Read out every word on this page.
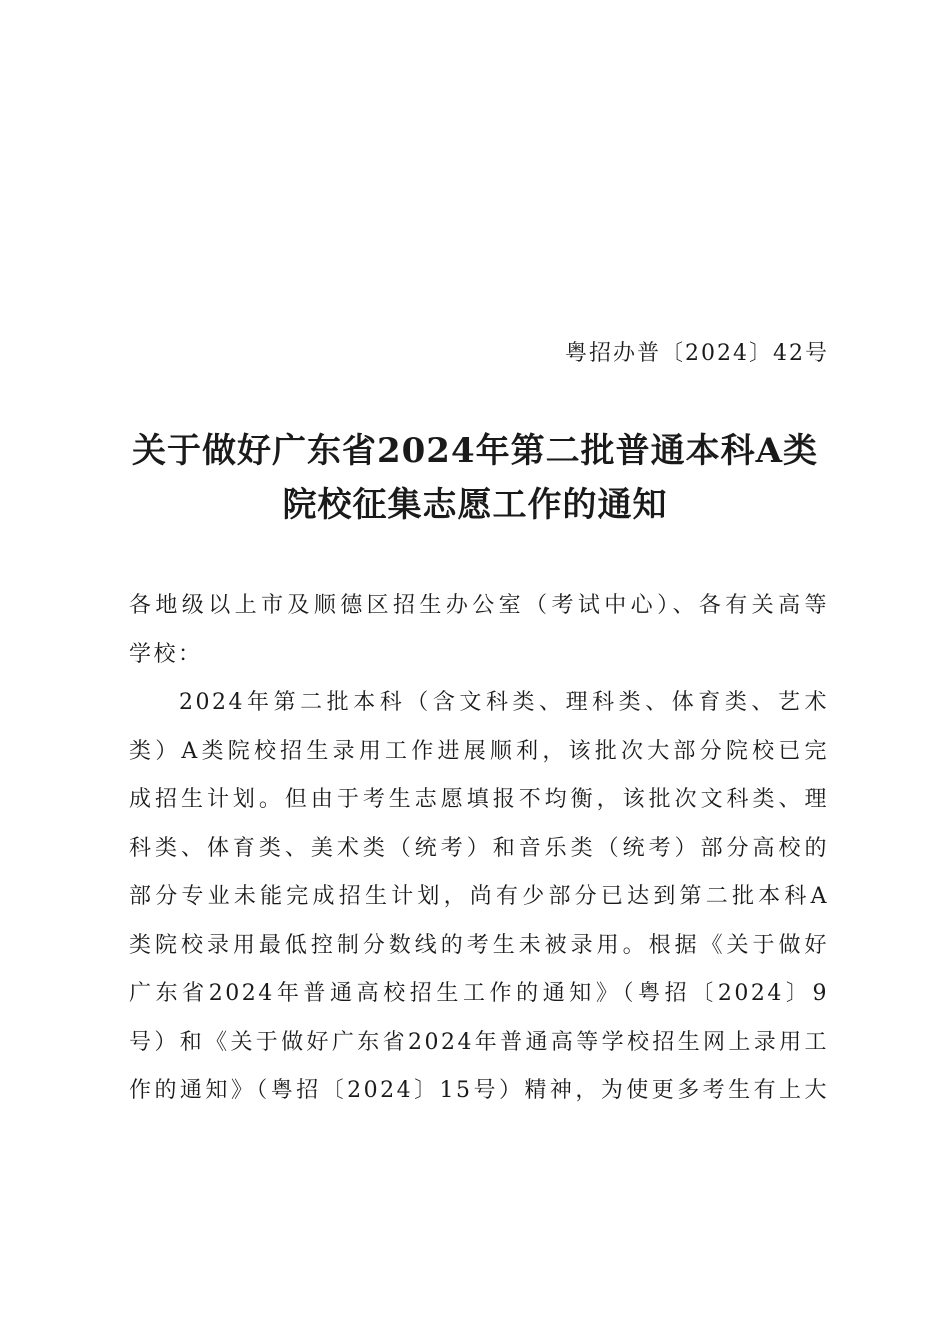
粤招办普〔2024〕42号
关于做好广东省2024年第二批普通本科A类
院校征集志愿工作的通知
各地级以上市及顺德区招生办公室（考试中心）、各有关高等
学校：
2024年第二批本科（含文科类、理科类、体育类、艺术
类）A类院校招生录用工作进展顺利，该批次大部分院校已完
成招生计划。但由于考生志愿填报不均衡，该批次文科类、理
科类、体育类、美术类（统考）和音乐类（统考）部分高校的
部分专业未能完成招生计划，尚有少部分已达到第二批本科A
类院校录用最低控制分数线的考生未被录用。根据《关于做好
广东省2024年普通高校招生工作的通知》（粤招〔2024〕9
号）和《关于做好广东省2024年普通高等学校招生网上录用工
作的通知》（粤招〔2024〕15号）精神，为使更多考生有上大
